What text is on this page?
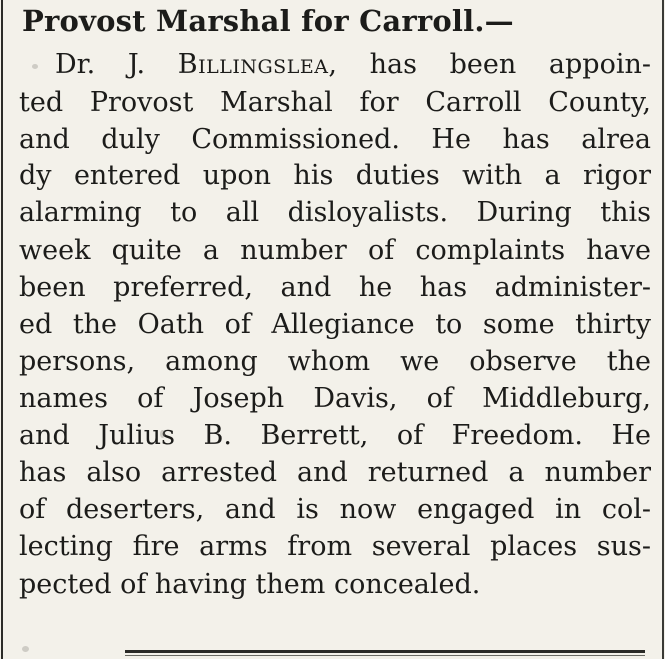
Provost Marshal for Carroll.—

Dr. J. Billingslea, has been appoin-

ted Provost Marshal for Carroll County,

and duly Commissioned. He has alrea

dy entered upon his duties with a rigor

alarming to all disloyalists. During this

week quite a number of complaints have

been preferred, and he has administer-

ed the Oath of Allegiance to some thirty

persons, among whom we observe the

names of Joseph Davis, of Middleburg,

and Julius B. Berrett, of Freedom. He

has also arrested and returned a number

of deserters, and is now engaged in col-

lecting fire arms from several places sus-

pected of having them concealed.
